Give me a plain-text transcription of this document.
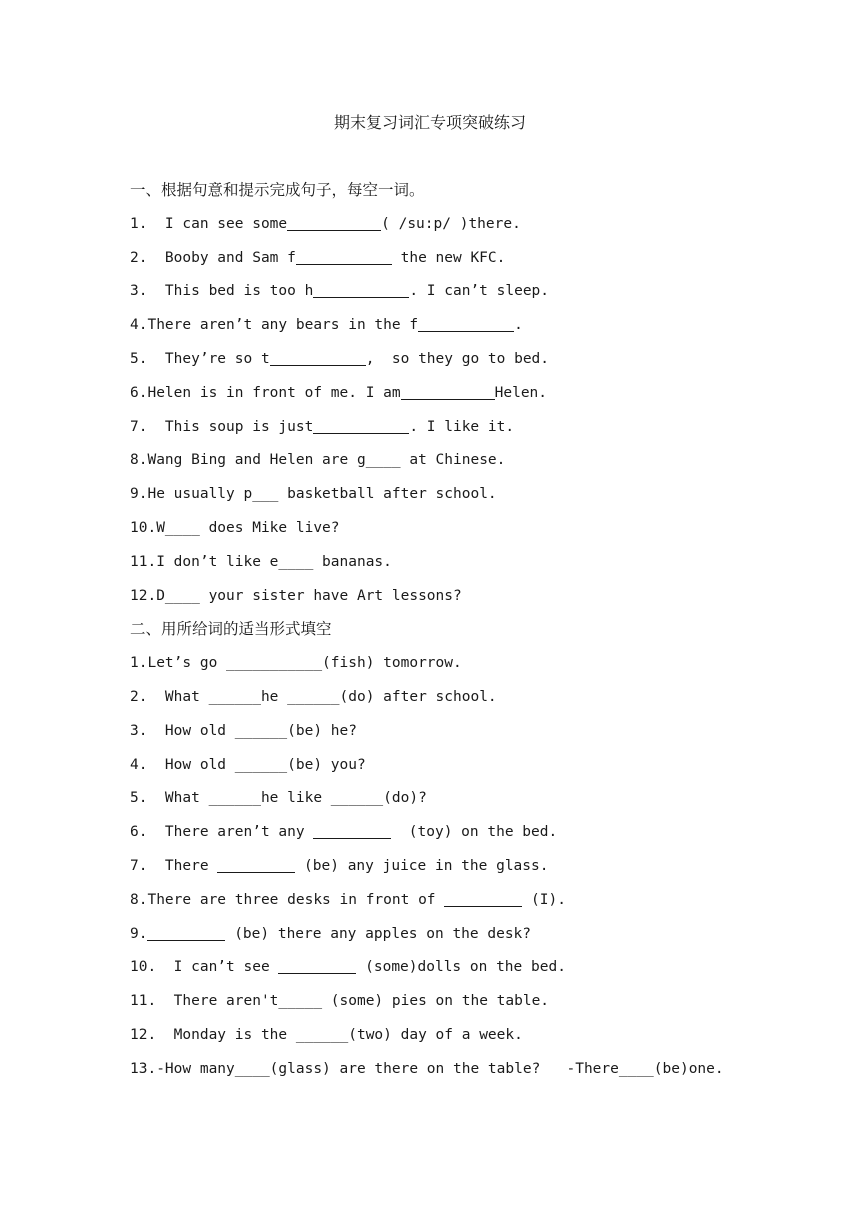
期末复习词汇专项突破练习
一、根据句意和提示完成句子，每空一词。
1.  I can see some	( /su:p/ )there.
2.  Booby and Sam f	the new KFC.
3.  This bed is too h	. I can’t sleep.
4.There aren’t any bears in the f	.
5.  They’re so t	,  so they go to bed.
6.Helen is in front of me. I am	Helen.
7.  This soup is just	. I like it.
8.Wang Bing and Helen are g____ at Chinese.
9.He usually p___ basketball after school.
10.W____ does Mike live?
11.I don’t like e____ bananas.
12.D____ your sister have Art lessons?
二、用所给词的适当形式填空
1.Let’s go ___________(fish) tomorrow.
2.  What ______he ______(do) after school.
3.  How old ______(be) he?
4.  How old ______(be) you?
5.  What ______he like ______(do)?
6.  There aren’t any	(toy) on the bed.
7.  There	(be) any juice in the glass.
8.There are three desks in front of	(I).
9.	(be) there any apples on the desk?
10.  I can’t see	(some)dolls on the bed.
11.  There aren't_____ (some) pies on the table.
12.  Monday is the ______(two) day of a week.
13.-How many____(glass) are there on the table?   -There____(be)one.
